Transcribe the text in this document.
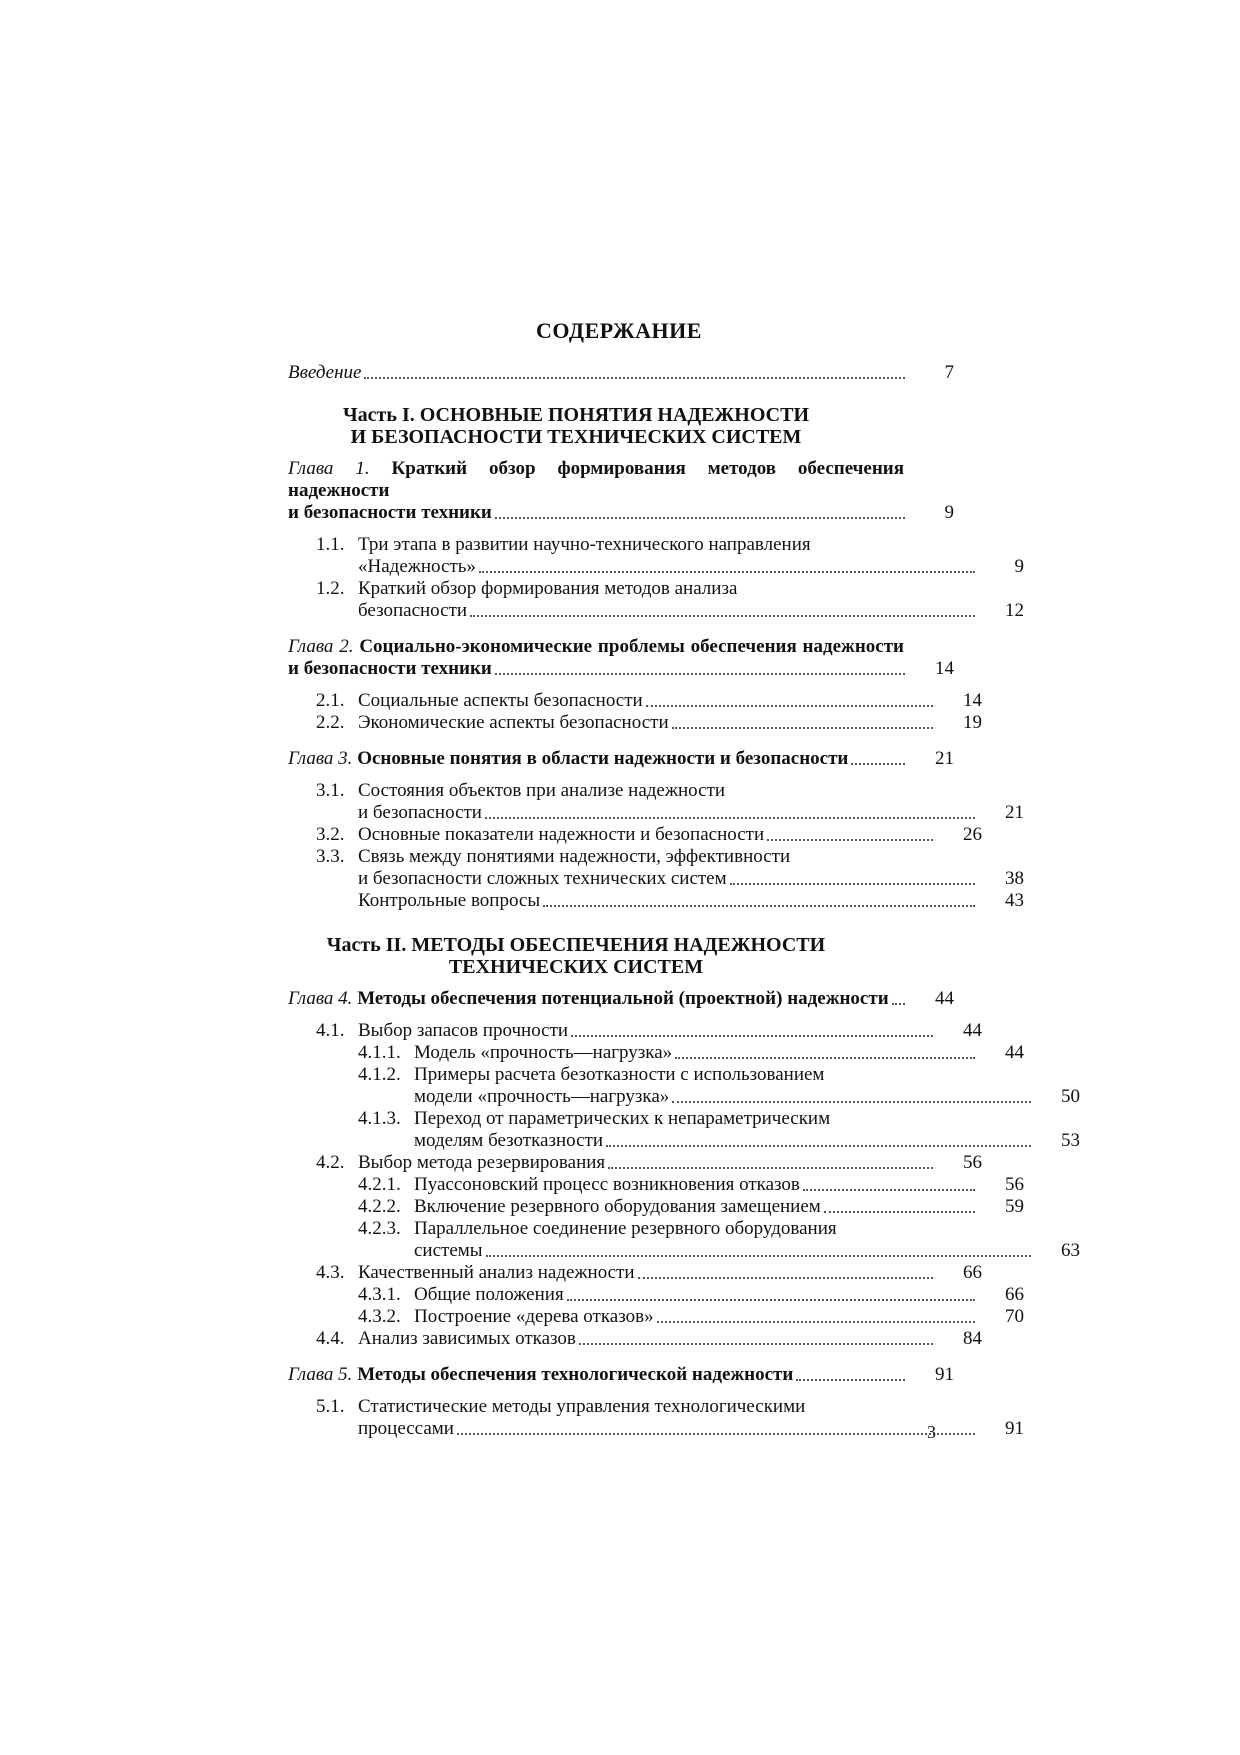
СОДЕРЖАНИЕ
Введение	7
Часть I. ОСНОВНЫЕ ПОНЯТИЯ НАДЕЖНОСТИ
И БЕЗОПАСНОСТИ ТЕХНИЧЕСКИХ СИСТЕМ
Глава 1. Краткий обзор формирования методов обеспечения надежности
и безопасности техники	9
1.1. Три этапа в развитии научно-технического направления
«Надежность»	9
1.2. Краткий обзор формирования методов анализа
безопасности	12
Глава 2. Социально-экономические проблемы обеспечения надежности
и безопасности техники	14
2.1. Социальные аспекты безопасности	14
2.2. Экономические аспекты безопасности	19
Глава 3. Основные понятия в области надежности и безопасности	21
3.1. Состояния объектов при анализе надежности
и безопасности	21
3.2. Основные показатели надежности и безопасности	26
3.3. Связь между понятиями надежности, эффективности
и безопасности сложных технических систем	38
Контрольные вопросы	43
Часть II. МЕТОДЫ ОБЕСПЕЧЕНИЯ НАДЕЖНОСТИ
ТЕХНИЧЕСКИХ СИСТЕМ
Глава 4. Методы обеспечения потенциальной (проектной) надежности	44
4.1. Выбор запасов прочности	44
4.1.1. Модель «прочность—нагрузка»	44
4.1.2. Примеры расчета безотказности с использованием
модели «прочность—нагрузка»	50
4.1.3. Переход от параметрических к непараметрическим
моделям безотказности	53
4.2. Выбор метода резервирования	56
4.2.1. Пуассоновский процесс возникновения отказов	56
4.2.2. Включение резервного оборудования замещением	59
4.2.3. Параллельное соединение резервного оборудования
системы	63
4.3. Качественный анализ надежности	66
4.3.1. Общие положения	66
4.3.2. Построение «дерева отказов»	70
4.4. Анализ зависимых отказов	84
Глава 5. Методы обеспечения технологической надежности	91
5.1. Статистические методы управления технологическими
процессами	91
3
